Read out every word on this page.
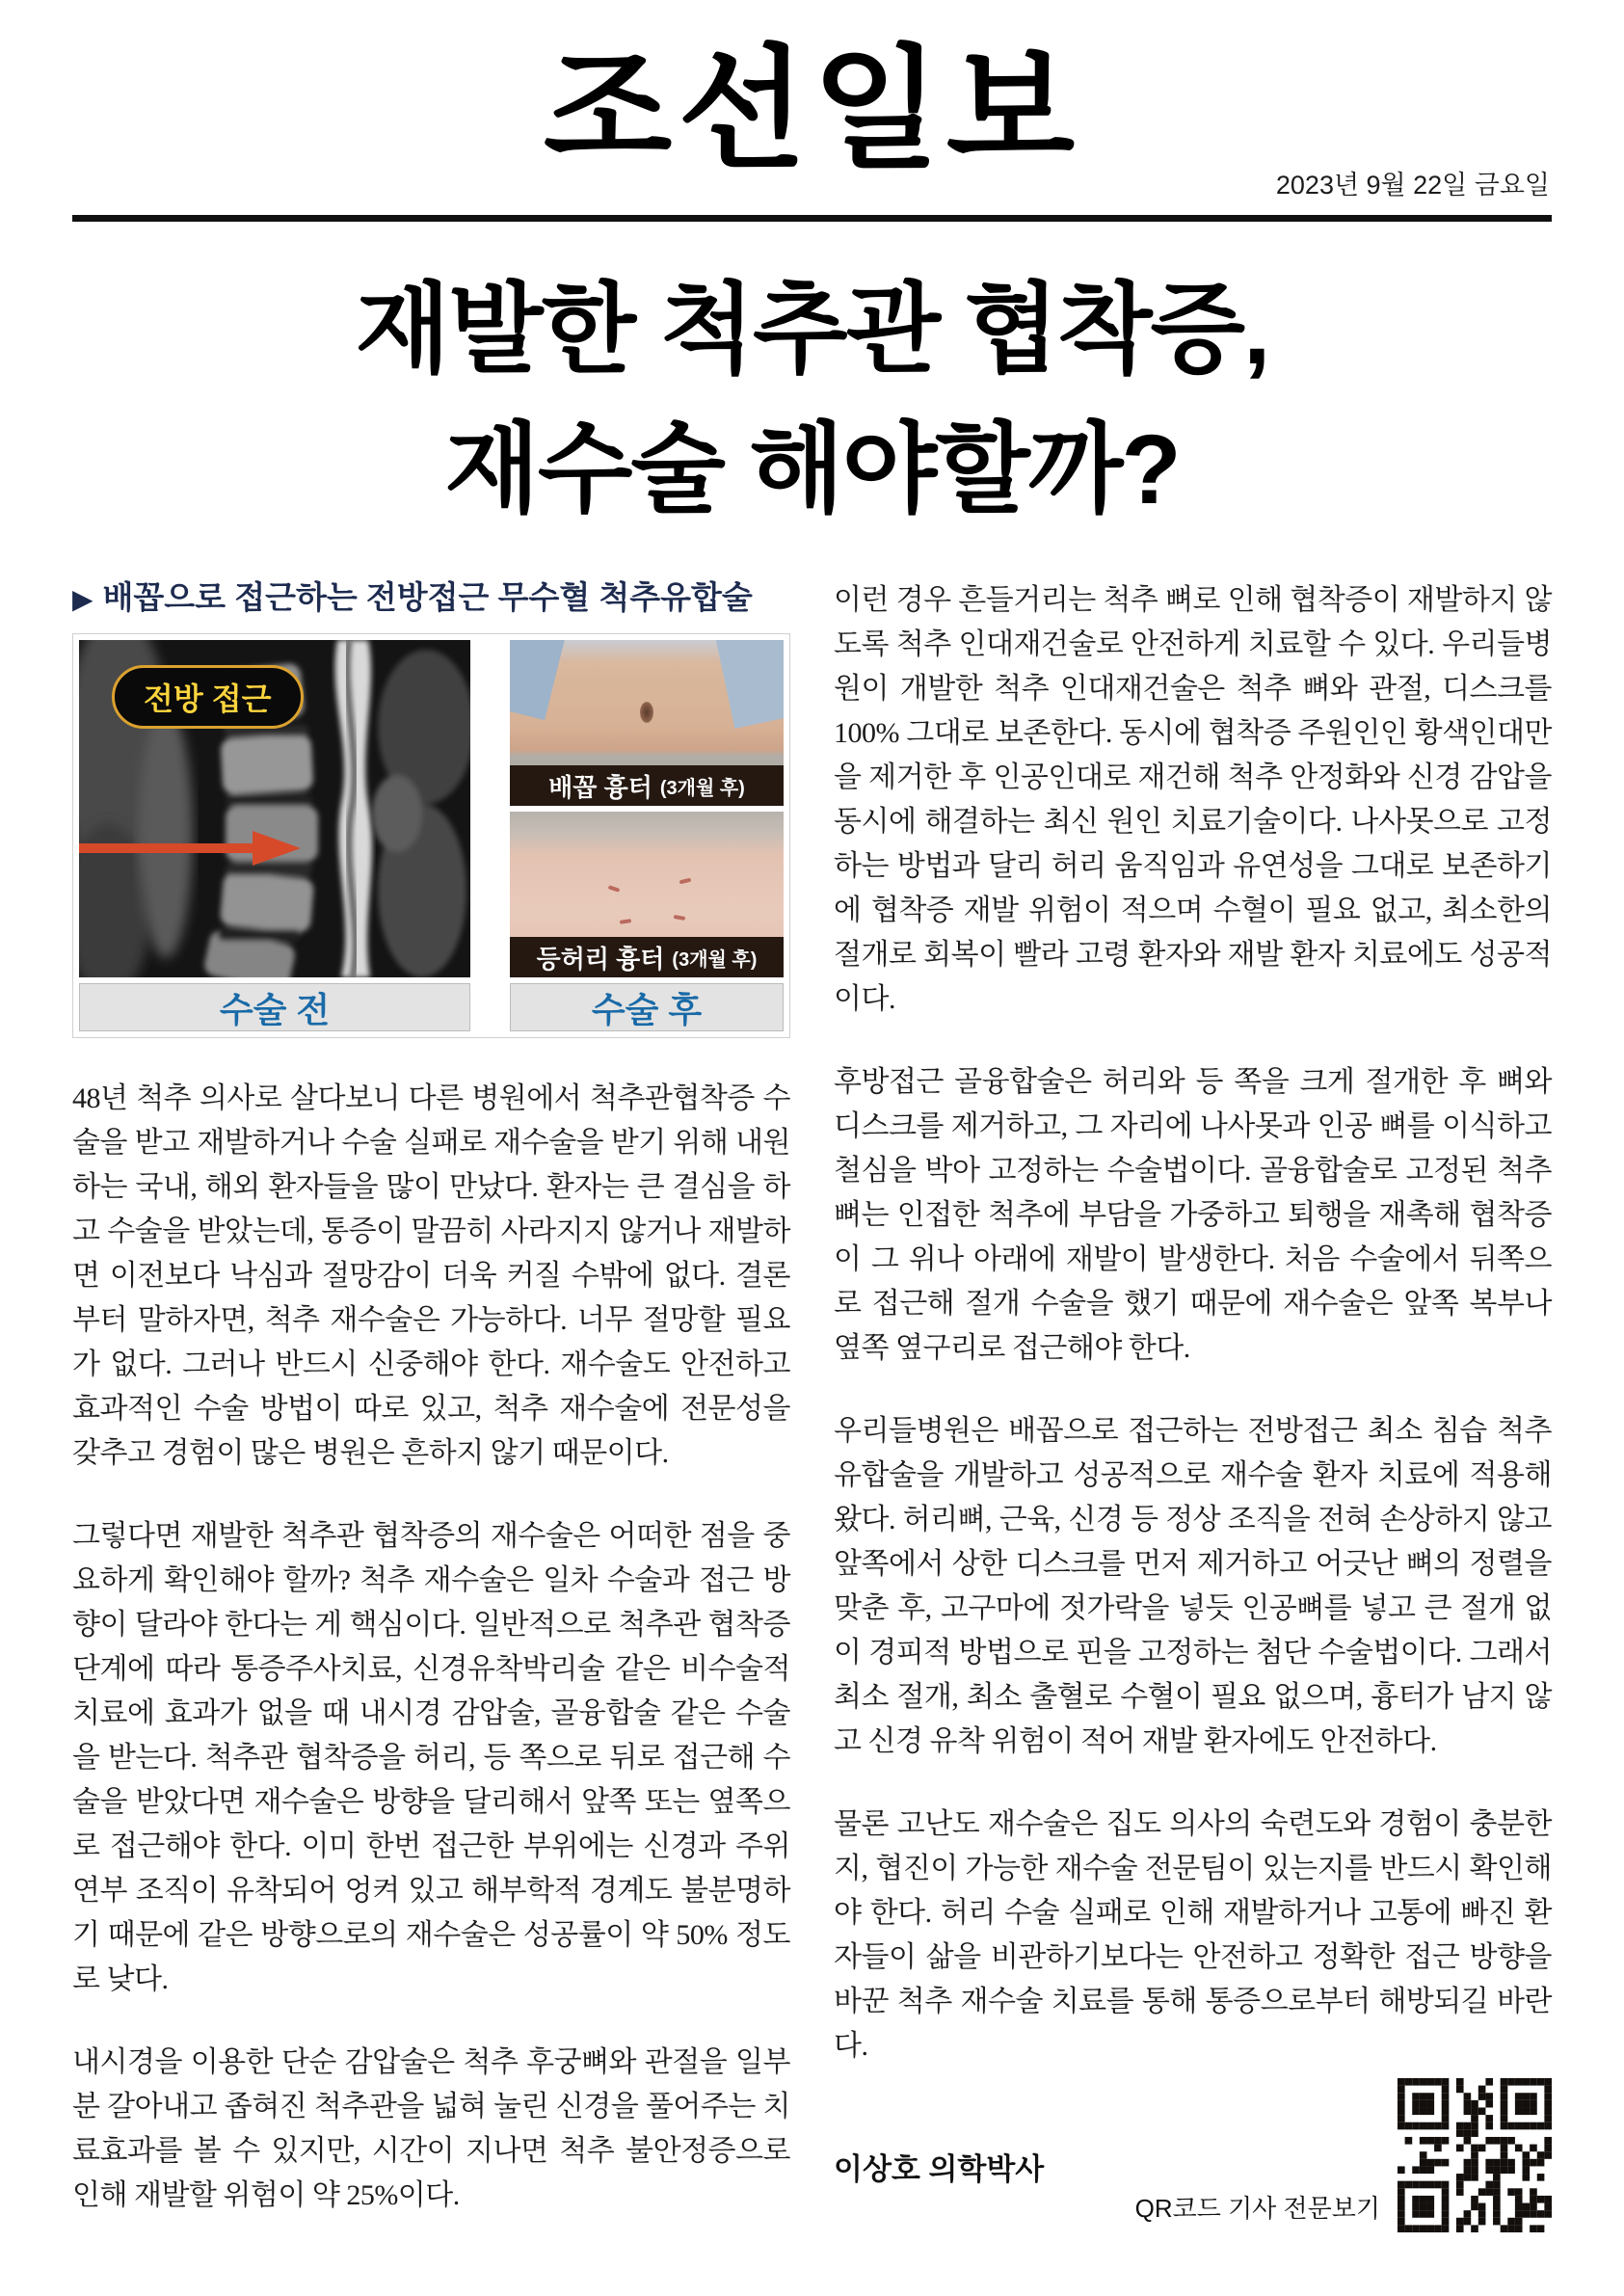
조선일보
2023년 9월 22일 금요일
재발한 척추관 협착증,
재수술 해야할까?
▶ 배꼽으로 접근하는 전방접근 무수혈 척추유합술
전방 접근
수술 전
배꼽 흉터 (3개월 후)
등허리 흉터 (3개월 후)
수술 후

48년 척추 의사로 살다보니 다른 병원에서 척추관협착증 수술을 받고 재발하거나 수술 실패로 재수술을 받기 위해 내원하는 국내, 해외 환자들을 많이 만났다. 환자는 큰 결심을 하고 수술을 받았는데, 통증이 말끔히 사라지지 않거나 재발하면 이전보다 낙심과 절망감이 더욱 커질 수밖에 없다. 결론부터 말하자면, 척추 재수술은 가능하다. 너무 절망할 필요가 없다. 그러나 반드시 신중해야 한다. 재수술도 안전하고 효과적인 수술 방법이 따로 있고, 척추 재수술에 전문성을 갖추고 경험이 많은 병원은 흔하지 않기 때문이다.

그렇다면 재발한 척추관 협착증의 재수술은 어떠한 점을 중요하게 확인해야 할까? 척추 재수술은 일차 수술과 접근 방향이 달라야 한다는 게 핵심이다. 일반적으로 척추관 협착증 단계에 따라 통증주사치료, 신경유착박리술 같은 비수술적 치료에 효과가 없을 때 내시경 감압술, 골융합술 같은 수술을 받는다. 척추관 협착증을 허리, 등 쪽으로 뒤로 접근해 수술을 받았다면 재수술은 방향을 달리해서 앞쪽 또는 옆쪽으로 접근해야 한다. 이미 한번 접근한 부위에는 신경과 주위 연부 조직이 유착되어 엉켜 있고 해부학적 경계도 불분명하기 때문에 같은 방향으로의 재수술은 성공률이 약 50% 정도로 낮다.

내시경을 이용한 단순 감압술은 척추 후궁뼈와 관절을 일부분 갈아내고 좁혀진 척추관을 넓혀 눌린 신경을 풀어주는 치료효과를 볼 수 있지만, 시간이 지나면 척추 불안정증으로 인해 재발할 위험이 약 25%이다.

이런 경우 흔들거리는 척추 뼈로 인해 협착증이 재발하지 않도록 척추 인대재건술로 안전하게 치료할 수 있다. 우리들병원이 개발한 척추 인대재건술은 척추 뼈와 관절, 디스크를 100% 그대로 보존한다. 동시에 협착증 주원인인 황색인대만을 제거한 후 인공인대로 재건해 척추 안정화와 신경 감압을 동시에 해결하는 최신 원인 치료기술이다. 나사못으로 고정하는 방법과 달리 허리 움직임과 유연성을 그대로 보존하기에 협착증 재발 위험이 적으며 수혈이 필요 없고, 최소한의 절개로 회복이 빨라 고령 환자와 재발 환자 치료에도 성공적이다.

후방접근 골융합술은 허리와 등 쪽을 크게 절개한 후 뼈와 디스크를 제거하고, 그 자리에 나사못과 인공 뼈를 이식하고 철심을 박아 고정하는 수술법이다. 골융합술로 고정된 척추 뼈는 인접한 척추에 부담을 가중하고 퇴행을 재촉해 협착증이 그 위나 아래에 재발이 발생한다. 처음 수술에서 뒤쪽으로 접근해 절개 수술을 했기 때문에 재수술은 앞쪽 복부나 옆쪽 옆구리로 접근해야 한다.

우리들병원은 배꼽으로 접근하는 전방접근 최소 침습 척추유합술을 개발하고 성공적으로 재수술 환자 치료에 적용해 왔다. 허리뼈, 근육, 신경 등 정상 조직을 전혀 손상하지 않고 앞쪽에서 상한 디스크를 먼저 제거하고 어긋난 뼈의 정렬을 맞춘 후, 고구마에 젓가락을 넣듯 인공뼈를 넣고 큰 절개 없이 경피적 방법으로 핀을 고정하는 첨단 수술법이다. 그래서 최소 절개, 최소 출혈로 수혈이 필요 없으며, 흉터가 남지 않고 신경 유착 위험이 적어 재발 환자에도 안전하다.

물론 고난도 재수술은 집도 의사의 숙련도와 경험이 충분한지, 협진이 가능한 재수술 전문팀이 있는지를 반드시 확인해야 한다. 허리 수술 실패로 인해 재발하거나 고통에 빠진 환자들이 삶을 비관하기보다는 안전하고 정확한 접근 방향을 바꾼 척추 재수술 치료를 통해 통증으로부터 해방되길 바란다.

이상호 의학박사
QR코드 기사 전문보기
